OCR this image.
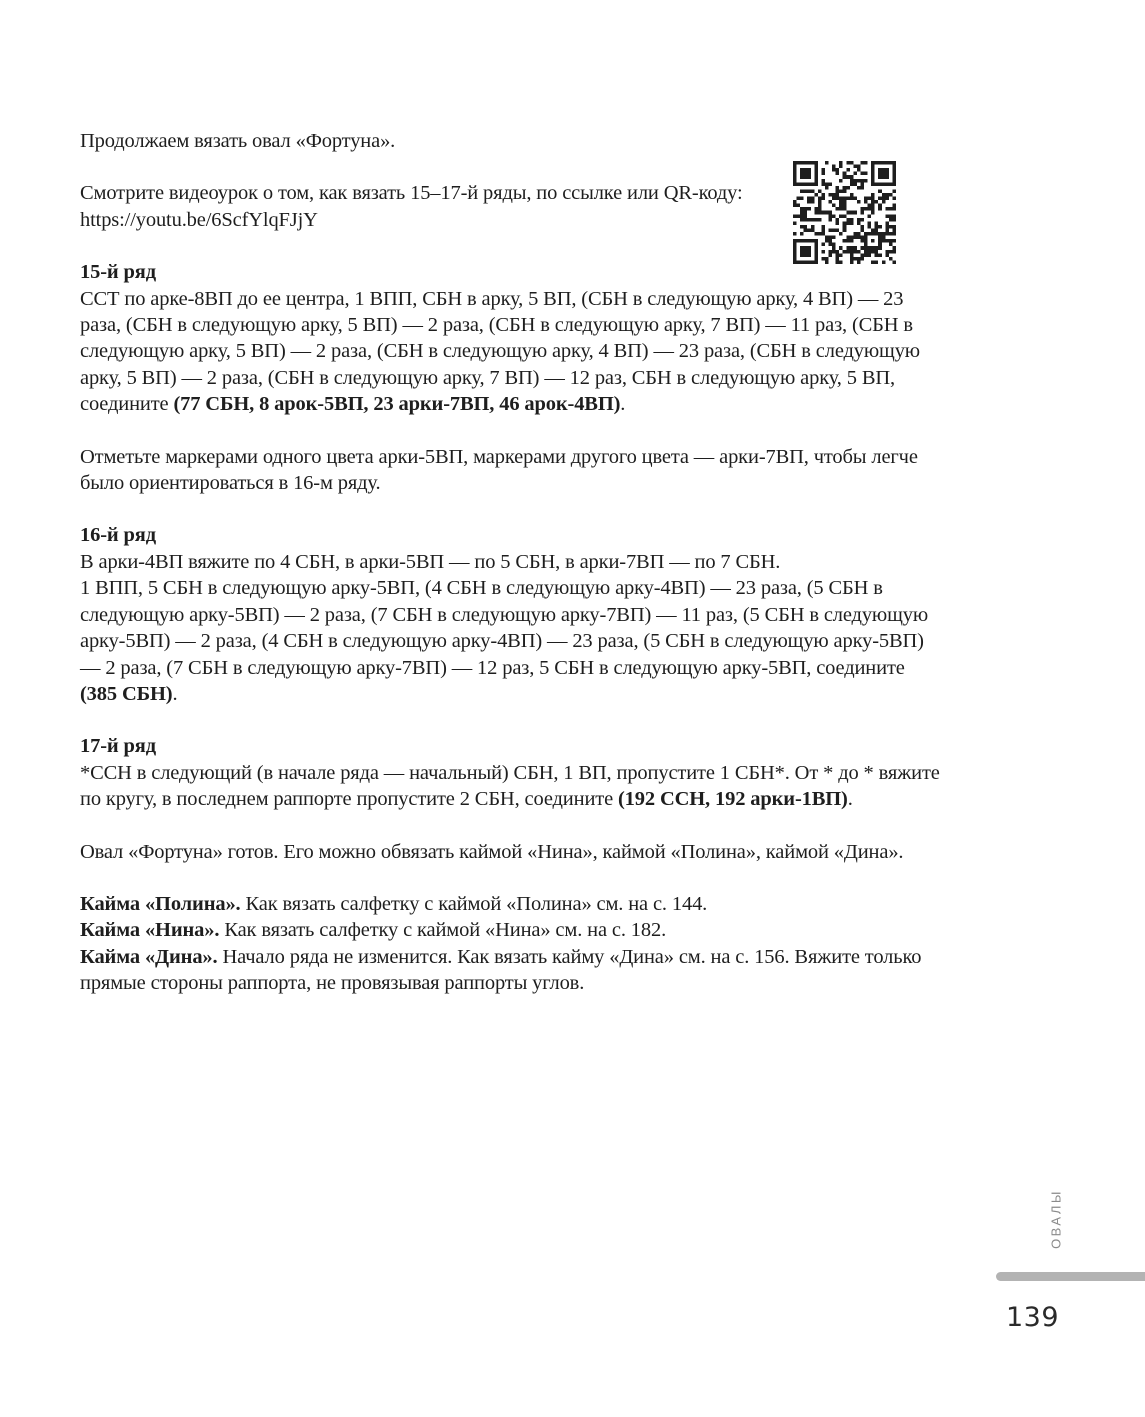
Продолжаем вязать овал «Фортуна».

Смотрите видеоурок о том, как вязать 15–17-й ряды, по ссылке или QR-коду:

https://youtu.be/6ScfYlqFJjY

15-й ряд

ССТ по арке-8ВП до ее центра, 1 ВПП, СБН в арку, 5 ВП, (СБН в следующую арку, 4 ВП) — 23 раза, (СБН в следующую арку, 5 ВП) — 2 раза, (СБН в следующую арку, 7 ВП) — 11 раз, (СБН в следующую арку, 5 ВП) — 2 раза, (СБН в следующую арку, 4 ВП) — 23 раза, (СБН в следующую арку, 5 ВП) — 2 раза, (СБН в следующую арку, 7 ВП) — 12 раз, СБН в следующую арку, 5 ВП, соедините (77 СБН, 8 арок-5ВП, 23 арки-7ВП, 46 арок-4ВП).

Отметьте маркерами одного цвета арки-5ВП, маркерами другого цвета — арки-7ВП, чтобы легче было ориентироваться в 16-м ряду.

16-й ряд

В арки-4ВП вяжите по 4 СБН, в арки-5ВП — по 5 СБН, в арки-7ВП — по 7 СБН.

1 ВПП, 5 СБН в следующую арку-5ВП, (4 СБН в следующую арку-4ВП) — 23 раза, (5 СБН в следующую арку-5ВП) — 2 раза, (7 СБН в следующую арку-7ВП) — 11 раз, (5 СБН в следующую арку-5ВП) — 2 раза, (4 СБН в следующую арку-4ВП) — 23 раза, (5 СБН в следующую арку-5ВП) — 2 раза, (7 СБН в следующую арку-7ВП) — 12 раз, 5 СБН в следующую арку-5ВП, соедините (385 СБН).

17-й ряд

*ССН в следующий (в начале ряда — начальный) СБН, 1 ВП, пропустите 1 СБН*. От * до * вяжите по кругу, в последнем раппорте пропустите 2 СБН, соедините (192 ССН, 192 арки-1ВП).

Овал «Фортуна» готов. Его можно обвязать каймой «Нина», каймой «Полина», каймой «Дина».

Кайма «Полина». Как вязать салфетку с каймой «Полина» см. на с. 144.

Кайма «Нина». Как вязать салфетку с каймой «Нина» см. на с. 182.

Кайма «Дина». Начало ряда не изменится. Как вязать кайму «Дина» см. на с. 156. Вяжите только прямые стороны раппорта, не провязывая раппорты углов.

ОВАЛЫ
139
